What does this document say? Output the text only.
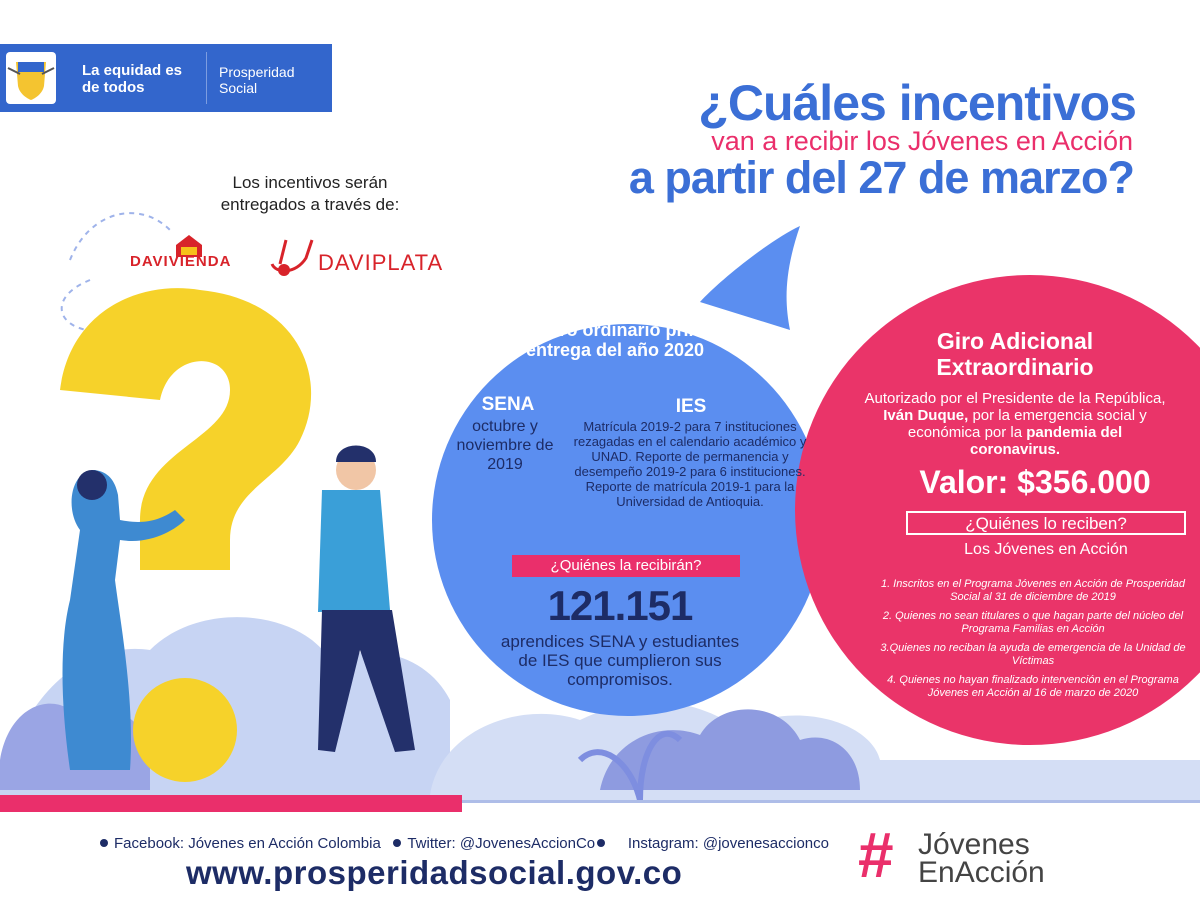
La equidad es de todos
Prosperidad Social	¿Cuáles incentivos
van a recibir los Jóvenes en Acción
a partir del 27 de marzo?
Los incentivos serán entregados a través de:
DAVIVIENDA	DAVIPLATA
Incentivo ordinario primera entrega del año 2020
SENA
octubre y noviembre de 2019
IES
Matrícula 2019-2 para 7 instituciones rezagadas en el calendario académico y UNAD. Reporte de permanencia y desempeño 2019-2 para 6 instituciones. Reporte de matrícula 2019-1 para la Universidad de Antioquia.
¿Quiénes la recibirán?
121.151
aprendices SENA y estudiantes de IES que cumplieron sus compromisos.
Giro Adicional Extraordinario
Autorizado por el Presidente de la República, Iván Duque, por la emergencia social y económica por la pandemia del coronavirus.
Valor: $356.000
¿Quiénes lo reciben?
Los Jóvenes en Acción
1. Inscritos en el Programa Jóvenes en Acción de Prosperidad Social al 31 de diciembre de 2019
2. Quienes no sean titulares o que hagan parte del núcleo del Programa Familias en Acción
3.Quienes no reciban la ayuda de emergencia de la Unidad de Víctimas
4. Quienes no hayan finalizado intervención en el Programa Jóvenes en Acción al 16 de marzo de 2020
Facebook: Jóvenes en Acción Colombia Twitter: @JovenesAccionCo Instagram: @jovenesaccionco
www.prosperidadsocial.gov.co	# Jóvenes
EnAcción
